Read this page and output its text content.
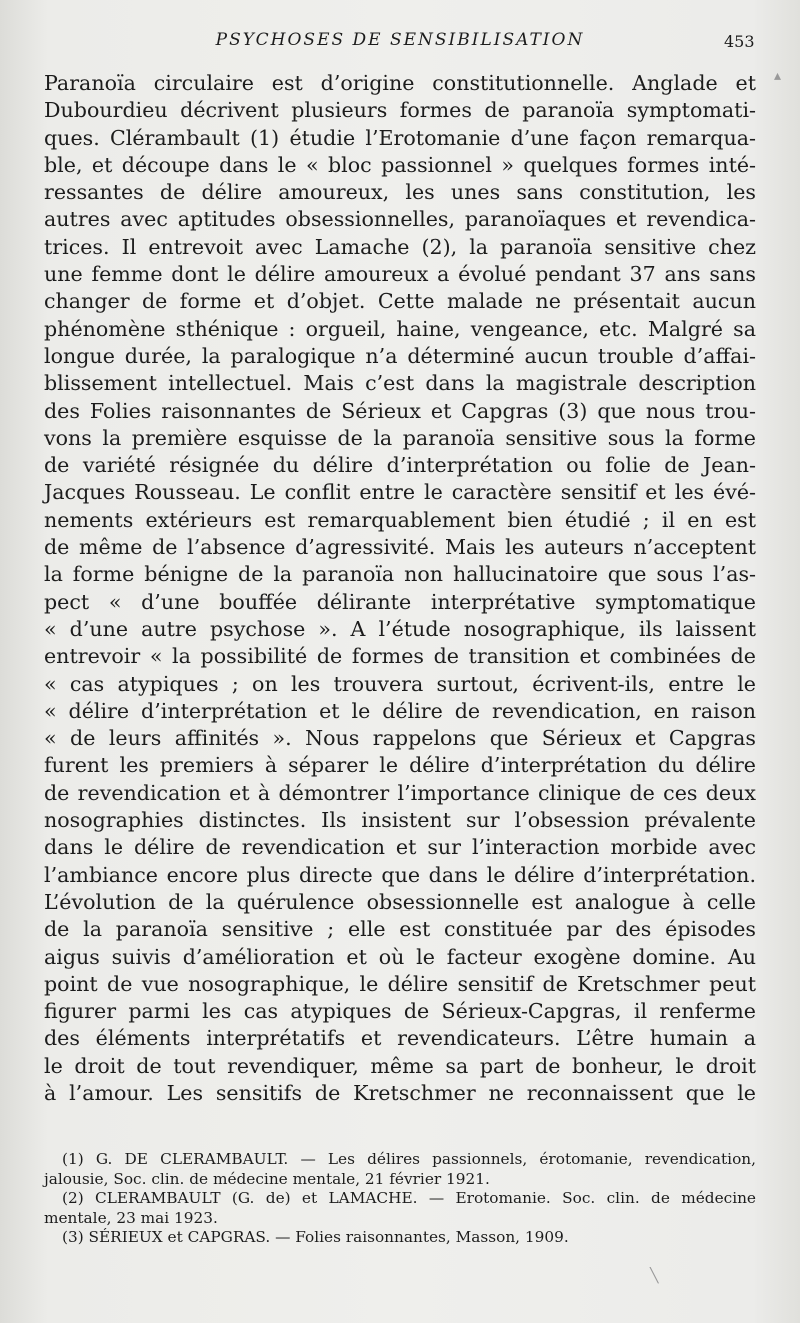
PSYCHOSES DE SENSIBILISATION	453
Paranoïa circulaire est d’origine constitutionnelle. Anglade et
Dubourdieu décrivent plusieurs formes de paranoïa symptomati-
ques. Clérambault (1) étudie l’Erotomanie d’une façon remarqua-
ble, et découpe dans le « bloc passionnel » quelques formes inté-
ressantes de délire amoureux, les unes sans constitution, les
autres avec aptitudes obsessionnelles, paranoïaques et revendica-
trices. Il entrevoit avec Lamache (2), la paranoïa sensitive chez
une femme dont le délire amoureux a évolué pendant 37 ans sans
changer de forme et d’objet. Cette malade ne présentait aucun
phénomène sthénique : orgueil, haine, vengeance, etc. Malgré sa
longue durée, la paralogique n’a déterminé aucun trouble d’affai-
blissement intellectuel. Mais c’est dans la magistrale description
des Folies raisonnantes de Sérieux et Capgras (3) que nous trou-
vons la première esquisse de la paranoïa sensitive sous la forme
de variété résignée du délire d’interprétation ou folie de Jean-
Jacques Rousseau. Le conflit entre le caractère sensitif et les évé-
nements extérieurs est remarquablement bien étudié ; il en est
de même de l’absence d’agressivité. Mais les auteurs n’acceptent
la forme bénigne de la paranoïa non hallucinatoire que sous l’as-
pect « d’une bouffée délirante interprétative symptomatique
« d’une autre psychose ». A l’étude nosographique, ils laissent
entrevoir « la possibilité de formes de transition et combinées de
« cas atypiques ; on les trouvera surtout, écrivent-ils, entre le
« délire d’interprétation et le délire de revendication, en raison
« de leurs affinités ». Nous rappelons que Sérieux et Capgras
furent les premiers à séparer le délire d’interprétation du délire
de revendication et à démontrer l’importance clinique de ces deux
nosographies distinctes. Ils insistent sur l’obsession prévalente
dans le délire de revendication et sur l’interaction morbide avec
l’ambiance encore plus directe que dans le délire d’interprétation.
L’évolution de la quérulence obsessionnelle est analogue à celle
de la paranoïa sensitive ; elle est constituée par des épisodes
aigus suivis d’amélioration et où le facteur exogène domine. Au
point de vue nosographique, le délire sensitif de Kretschmer peut
figurer parmi les cas atypiques de Sérieux-Capgras, il renferme
des éléments interprétatifs et revendicateurs. L’être humain a
le droit de tout revendiquer, même sa part de bonheur, le droit
à l’amour. Les sensitifs de Kretschmer ne reconnaissent que le
(1) G. DE CLERAMBAULT. — Les délires passionnels, érotomanie, revendication,
jalousie, Soc. clin. de médecine mentale, 21 février 1921.
(2) CLERAMBAULT (G. de) et LAMACHE. — Erotomanie. Soc. clin. de médecine
mentale, 23 mai 1923.
(3) SÉRIEUX et CAPGRAS. — Folies raisonnantes, Masson, 1909.
▴
╲
